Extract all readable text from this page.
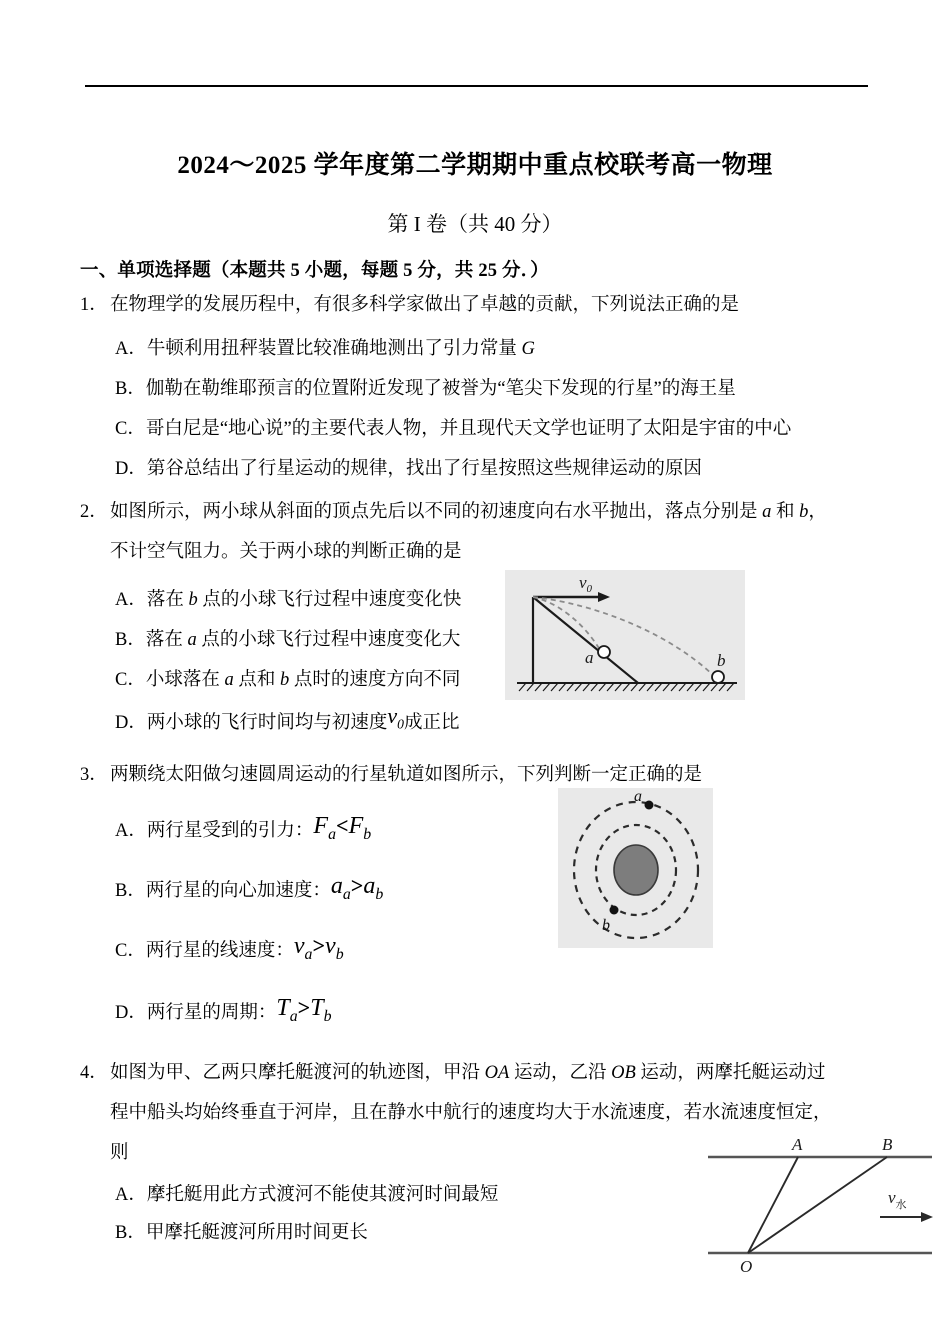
2024～2025 学年度第二学期期中重点校联考高一物理
第 I 卷（共 40 分）
一、单项选择题（本题共 5 小题，每题 5 分，共 25 分．）
1． 在物理学的发展历程中，有很多科学家做出了卓越的贡献，下列说法正确的是
A．牛顿利用扭秤装置比较准确地测出了引力常量 G
B．伽勒在勒维耶预言的位置附近发现了被誉为“笔尖下发现的行星”的海王星
C．哥白尼是“地心说”的主要代表人物，并且现代天文学也证明了太阳是宇宙的中心
D．第谷总结出了行星运动的规律，找出了行星按照这些规律运动的原因
2． 如图所示，两小球从斜面的顶点先后以不同的初速度向右水平抛出，落点分别是 a 和 b，
不计空气阻力。关于两小球的判断正确的是
A．落在 b 点的小球飞行过程中速度变化快
B．落在 a 点的小球飞行过程中速度变化大
C．小球落在 a 点和 b 点时的速度方向不同
D．两小球的飞行时间均与初速度$v_0$成正比
a	b
$v_0$
3． 两颗绕太阳做匀速圆周运动的行星轨道如图所示，下列判断一定正确的是
A．两行星受到的引力：$F_a<F_b$
B．两行星的向心加速度：$a_a>a_b$
C．两行星的线速度：$v_a>v_b$
D．两行星的周期：$T_a>T_b$
a
b
4． 如图为甲、乙两只摩托艇渡河的轨迹图，甲沿 OA 运动，乙沿 OB 运动，两摩托艇运动过
程中船头均始终垂直于河岸，且在静水中航行的速度均大于水流速度，若水流速度恒定，
则
A．摩托艇用此方式渡河不能使其渡河时间最短
B．甲摩托艇渡河所用时间更长
A	B
O
$v_水$
